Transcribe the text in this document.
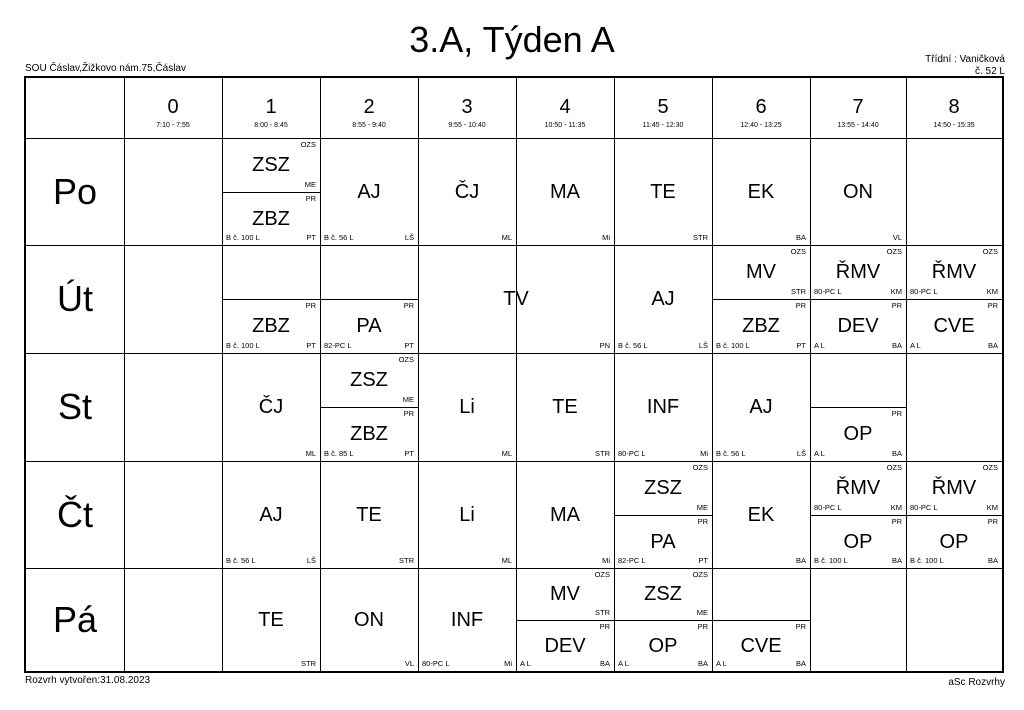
3.A, Týden A
SOU Čáslav,Žižkovo nám.75,Čáslav
Třídní : Vaničková
č. 52 L
0
7:10 - 7:55
1
8:00 - 8:45
2
8:55 - 9:40
3
9:55 - 10:40
4
10:50 - 11:35
5
11:45 - 12:30
6
12:40 - 13:25
7
13:55 - 14:40
8
14:50 - 15:35
Po
Út
St
Čt
Pá
ZSZ
OZS
ME
ZBZ
PR
PT
B č. 100 L
AJ
LŠ
B č. 56 L
ČJ
ML
MA
Mi
TE
STR
EK
BA
ON
VL
ZBZ
PR
PT
B č. 100 L
PA
PR
PT
82-PC L
TV
PN
AJ
LŠ
B č. 56 L
MV
OZS
STR
ZBZ
PR
PT
B č. 100 L
ŘMV
OZS
KM
80-PC L
DEV
PR
BA
A L
ŘMV
OZS
KM
80-PC L
CVE
PR
BA
A L
ČJ
ML
ZSZ
OZS
ME
ZBZ
PR
PT
B č. 85 L
Li
ML
TE
STR
INF
Mi
80-PC L
AJ
LŠ
B č. 56 L
OP
PR
BA
A L
AJ
LŠ
B č. 56 L
TE
STR
Li
ML
MA
Mi
ZSZ
OZS
ME
PA
PR
PT
82-PC L
EK
BA
ŘMV
OZS
KM
80-PC L
OP
PR
BA
B č. 100 L
ŘMV
OZS
KM
80-PC L
OP
PR
BA
B č. 100 L
TE
STR
ON
VL
INF
Mi
80-PC L
MV
OZS
STR
DEV
PR
BA
A L
ZSZ
OZS
ME
OP
PR
BA
A L
CVE
PR
BA
A L
Rozvrh vytvořen:31.08.2023	aSc Rozvrhy
